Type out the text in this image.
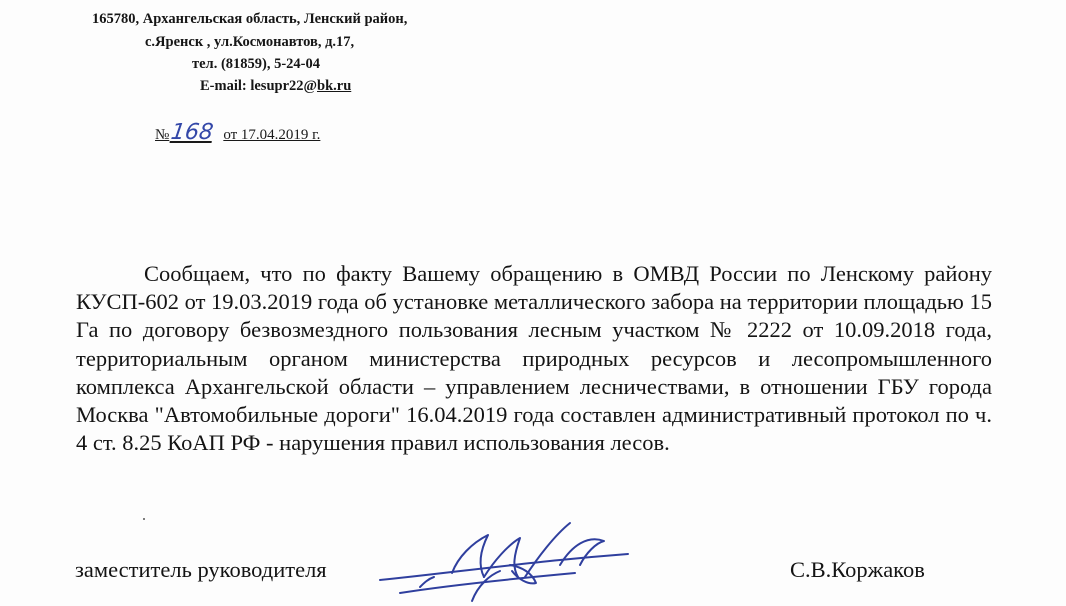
165780, Архангельская область, Ленский район,
с.Яренск , ул.Космонавтов, д.17,
тел. (81859), 5-24-04
E-mail: lesupr22@bk.ru
№168 от 17.04.2019 г.
Сообщаем, что по факту Вашему обращению в ОМВД России по Ленскому району КУСП-602 от 19.03.2019 года об установке металлического забора на территории площадью 15 Га по договору безвозмездного пользования лесным участком № 2222 от 10.09.2018 года, территориальным органом министерства природных ресурсов и лесопромышленного комплекса Архангельской области – управлением лесничествами, в отношении ГБУ города Москва "Автомобильные дороги" 16.04.2019 года составлен административный протокол по ч. 4 ст. 8.25 КоАП РФ - нарушения правил использования лесов.
заместитель руководителя	С.В.Коржаков
